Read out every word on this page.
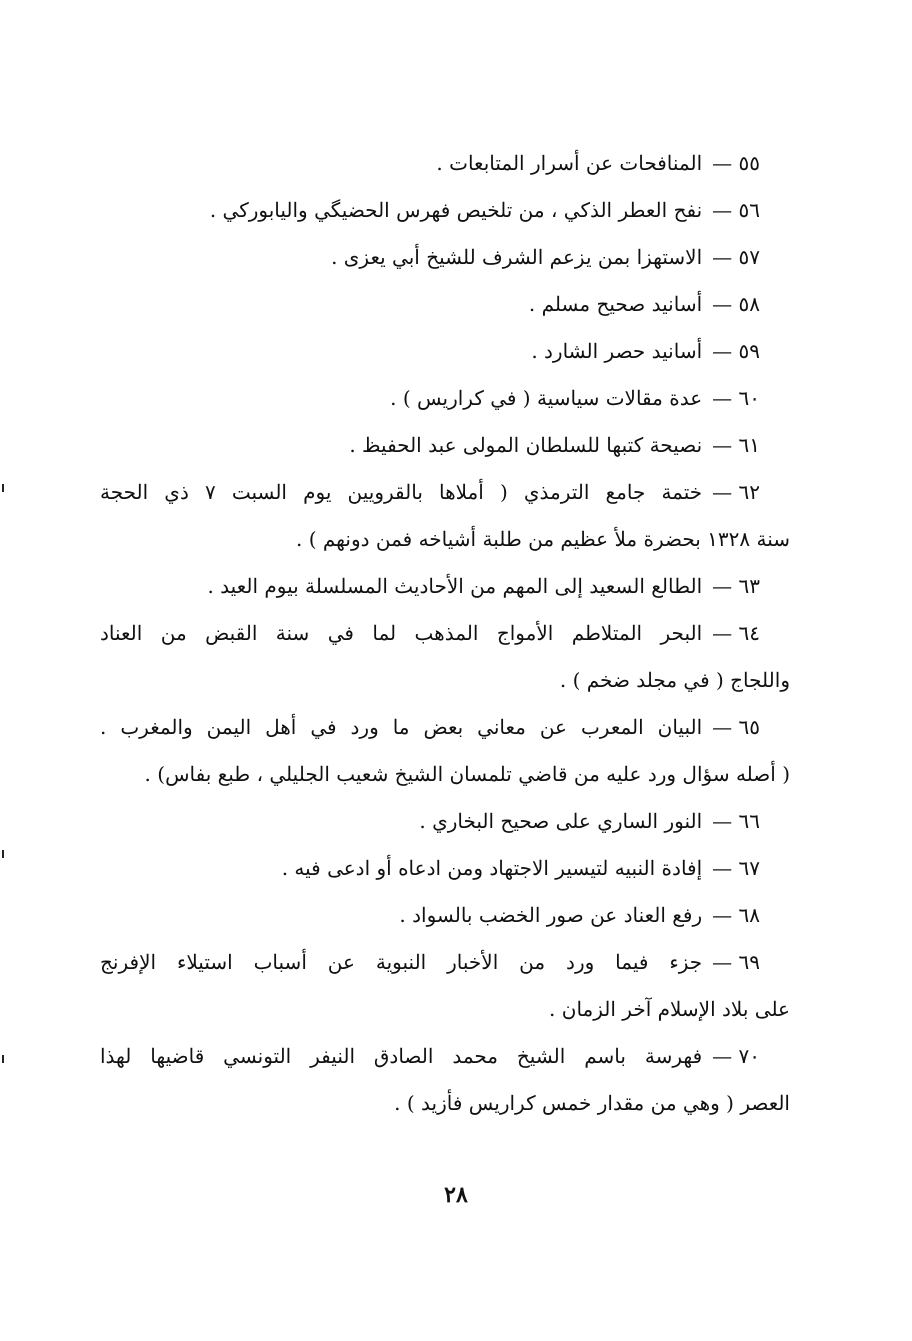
٥٥ —المنافحات عن أسرار المتابعات .
٥٦ —نفح العطر الذكي ، من تلخيص فهرس الحضيگي واليابوركي .
٥٧ —الاستهزا بمن يزعم الشرف للشيخ أبي يعزى .
٥٨ —أسانيد صحيح مسلم .
٥٩ —أسانيد حصر الشارد .
٦٠ —عدة مقالات سياسية ( في كراريس ) .
٦١ —نصيحة كتبها للسلطان المولى عبد الحفيظ .
٦٢ —ختمة جامع الترمذي ( أملاها بالقرويين يوم السبت ٧ ذي الحجة
سنة ١٣٢٨ بحضرة ملأ عظيم من طلبة أشياخه فمن دونهم ) .
٦٣ —الطالع السعيد إلى المهم من الأحاديث المسلسلة بيوم العيد .
٦٤ —البحر المتلاطم الأمواج المذهب لما في سنة القبض من العناد
واللجاج ( في مجلد ضخم ) .
٦٥ —البيان المعرب عن معاني بعض ما ورد في أهل اليمن والمغرب .
( أصله سؤال ورد عليه من قاضي تلمسان الشيخ شعيب الجليلي ، طبع بفاس) .
٦٦ —النور الساري على صحيح البخاري .
٦٧ —إفادة النبيه لتيسير الاجتهاد ومن ادعاه أو ادعى فيه .
٦٨ —رفع العناد عن صور الخضب بالسواد .
٦٩ —جزء فيما ورد من الأخبار النبوية عن أسباب استيلاء الإفرنج
على بلاد الإسلام آخر الزمان .
٧٠ —فهرسة باسم الشيخ محمد الصادق النيفر التونسي قاضيها لهذا
العصر ( وهي من مقدار خمس كراريس فأزيد ) .
٢٨
